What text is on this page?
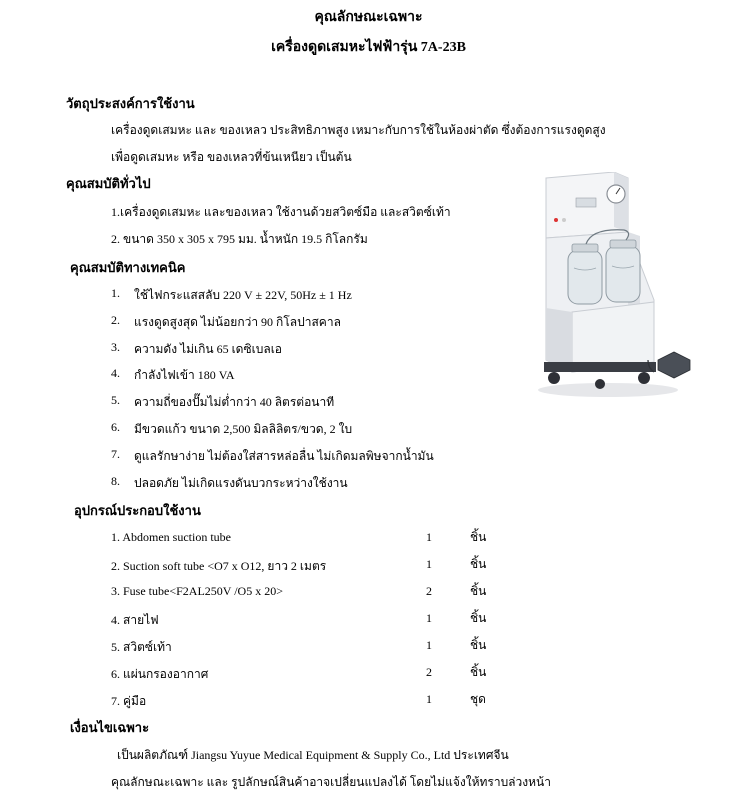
คุณลักษณะเฉพาะ
เครื่องดูดเสมหะไฟฟ้ารุ่น 7A-23B
วัตถุประสงค์การใช้งาน
เครื่องดูดเสมหะ และ ของเหลว ประสิทธิภาพสูง เหมาะกับการใช้ในห้องผ่าตัด ซึ่งต้องการแรงดูดสูง
เพื่อดูดเสมหะ หรือ ของเหลวที่ข้นเหนียว เป็นต้น
คุณสมบัติทั่วไป
1.เครื่องดูดเสมหะ และของเหลว ใช้งานด้วยสวิตซ์มือ และสวิตซ์เท้า
2. ขนาด 350 x 305 x 795 มม. น้ำหนัก 19.5 กิโลกรัม
คุณสมบัติทางเทคนิค
1. ใช้ไฟกระแสสลับ 220 V ± 22V, 50Hz ± 1 Hz
2. แรงดูดสูงสุด ไม่น้อยกว่า 90 กิโลปาสคาล
3. ความดัง ไม่เกิน 65 เดซิเบลเอ
4. กำลังไฟเข้า 180 VA
5. ความถี่ของปั๊มไม่ต่ำกว่า 40 ลิตรต่อนาที
6. มีขวดแก้ว ขนาด 2,500 มิลลิลิตร/ขวด, 2 ใบ
7. ดูแลรักษาง่าย ไม่ต้องใส่สารหล่อลื่น ไม่เกิดมลพิษจากน้ำมัน
8. ปลอดภัย ไม่เกิดแรงดันบวกระหว่างใช้งาน
อุปกรณ์ประกอบใช้งาน
1. Abdomen suction tube	1	ชิ้น
2. Suction soft tube <O7 x O12, ยาว 2 เมตร	1	ชิ้น
3. Fuse tube<F2AL250V /O5 x 20>	2	ชิ้น
4. สายไฟ	1	ชิ้น
5. สวิตซ์เท้า	1	ชิ้น
6. แผ่นกรองอากาศ	2	ชิ้น
7. คู่มือ	1	ชุด
เงื่อนไขเฉพาะ
เป็นผลิตภัณฑ์ Jiangsu Yuyue Medical Equipment & Supply Co., Ltd ประเทศจีน
คุณลักษณะเฉพาะ และ รูปลักษณ์สินค้าอาจเปลี่ยนแปลงได้ โดยไม่แจ้งให้ทราบล่วงหน้า
